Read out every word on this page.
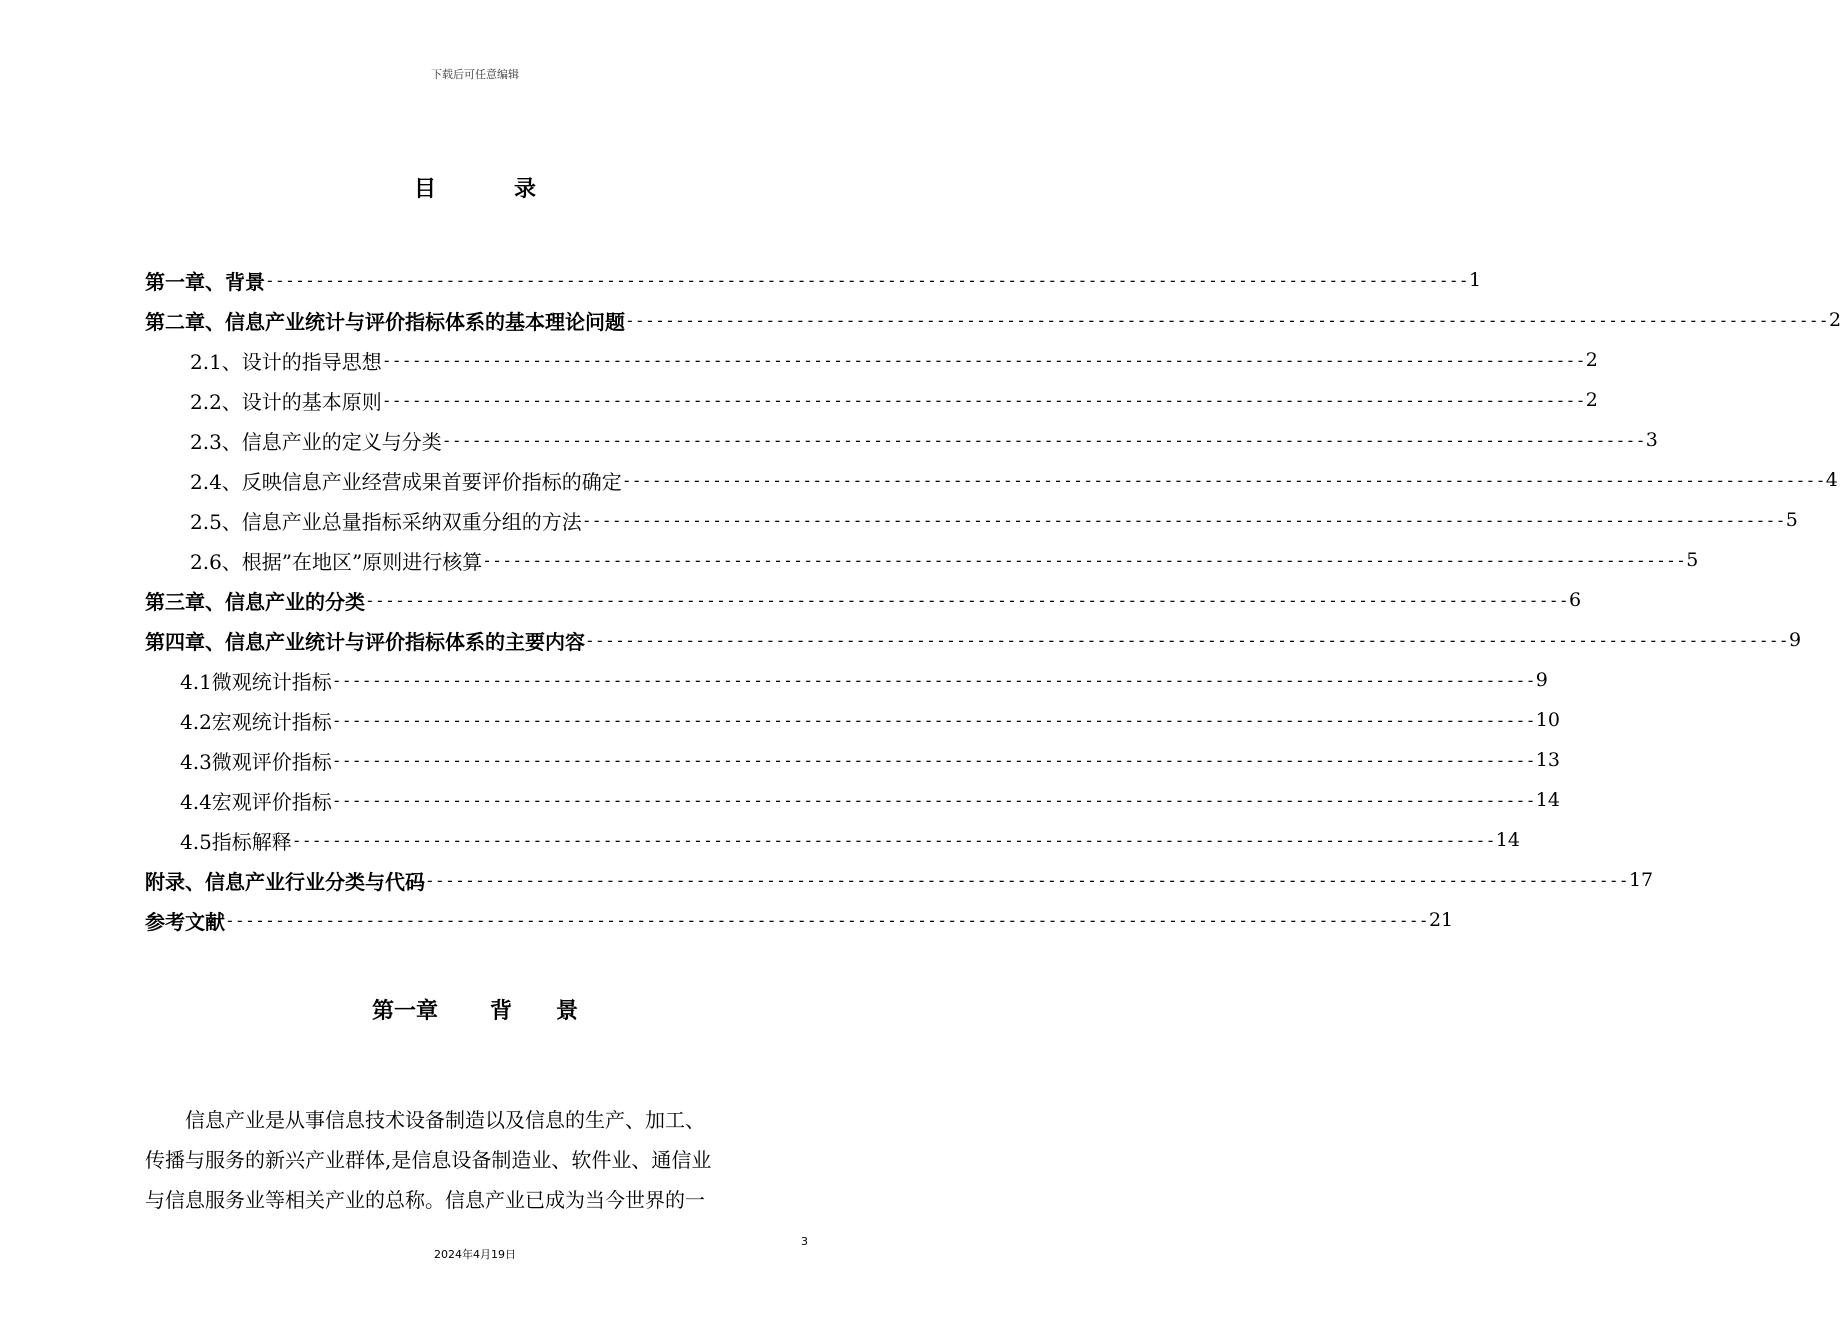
下载后可任意编辑
目	录
第一章、背景 ------------------------------------------------------------------------------------------------------------------------ 1
第二章、信息产业统计与评价指标体系的基本理论问题 ------------------------------------------------------------------------------------------------------------------------ 2
2.1、设计的指导思想 ------------------------------------------------------------------------------------------------------------------------ 2
2.2、设计的基本原则 ------------------------------------------------------------------------------------------------------------------------ 2
2.3、信息产业的定义与分类 ------------------------------------------------------------------------------------------------------------------------ 3
2.4、反映信息产业经营成果首要评价指标的确定 ------------------------------------------------------------------------------------------------------------------------ 4
2.5、信息产业总量指标采纳双重分组的方法 ------------------------------------------------------------------------------------------------------------------------ 5
2.6、根据”在地区”原则进行核算 ------------------------------------------------------------------------------------------------------------------------ 5
第三章、信息产业的分类 ------------------------------------------------------------------------------------------------------------------------ 6
第四章、信息产业统计与评价指标体系的主要内容 ------------------------------------------------------------------------------------------------------------------------ 9
4.1微观统计指标 ------------------------------------------------------------------------------------------------------------------------ 9
4.2宏观统计指标 ------------------------------------------------------------------------------------------------------------------------ 10
4.3微观评价指标 ------------------------------------------------------------------------------------------------------------------------ 13
4.4宏观评价指标 ------------------------------------------------------------------------------------------------------------------------ 14
4.5指标解释 ------------------------------------------------------------------------------------------------------------------------ 14
附录、信息产业行业分类与代码 ------------------------------------------------------------------------------------------------------------------------ 17
参考文献 ------------------------------------------------------------------------------------------------------------------------ 21
第一章 背 景
　　信息产业是从事信息技术设备制造以及信息的生产、加工、
传播与服务的新兴产业群体,是信息设备制造业、软件业、通信业
与信息服务业等相关产业的总称。信息产业已成为当今世界的一
3
2024年4月19日
